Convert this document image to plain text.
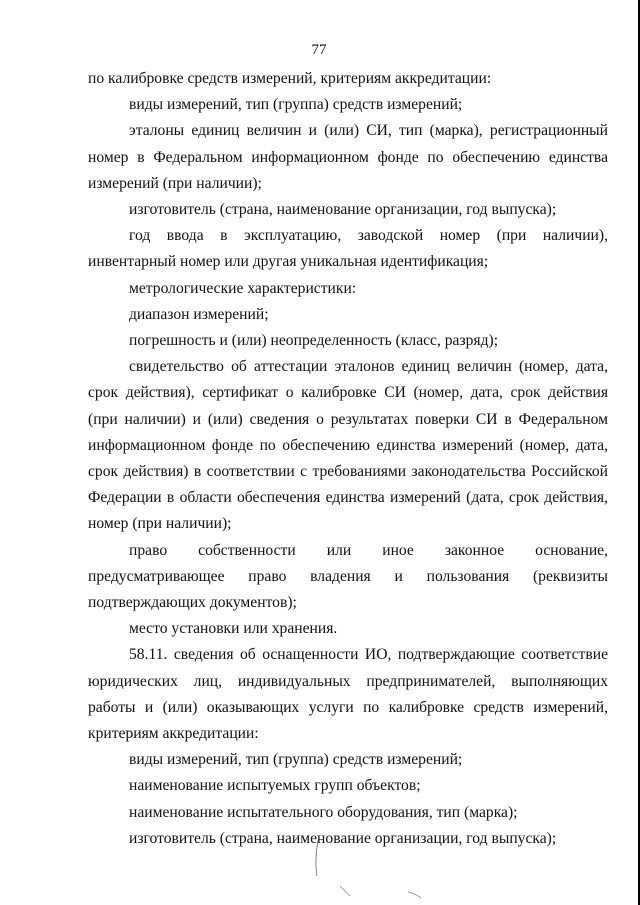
77

по калибровке средств измерений, критериям аккредитации:

виды измерений, тип (группа) средств измерений;

эталоны единиц величин и (или) СИ, тип (марка), регистрационный номер в Федеральном информационном фонде по обеспечению единства измерений (при наличии);

изготовитель (страна, наименование организации, год выпуска);

год ввода в эксплуатацию, заводской номер (при наличии), инвентарный номер или другая уникальная идентификация;

метрологические характеристики:

диапазон измерений;

погрешность и (или) неопределенность (класс, разряд);

свидетельство об аттестации эталонов единиц величин (номер, дата, срок действия), сертификат о калибровке СИ (номер, дата, срок действия (при наличии) и (или) сведения о результатах поверки СИ в Федеральном информационном фонде по обеспечению единства измерений (номер, дата, срок действия) в соответствии с требованиями законодательства Российской Федерации в области обеспечения единства измерений (дата, срок действия, номер (при наличии);

право собственности или иное законное основание, предусматривающее право владения и пользования (реквизиты подтверждающих документов);

место установки или хранения.

58.11. сведения об оснащенности ИО, подтверждающие соответствие юридических лиц, индивидуальных предпринимателей, выполняющих работы и (или) оказывающих услуги по калибровке средств измерений, критериям аккредитации:

виды измерений, тип (группа) средств измерений;

наименование испытуемых групп объектов;

наименование испытательного оборудования, тип (марка);

изготовитель (страна, наименование организации, год выпуска);
